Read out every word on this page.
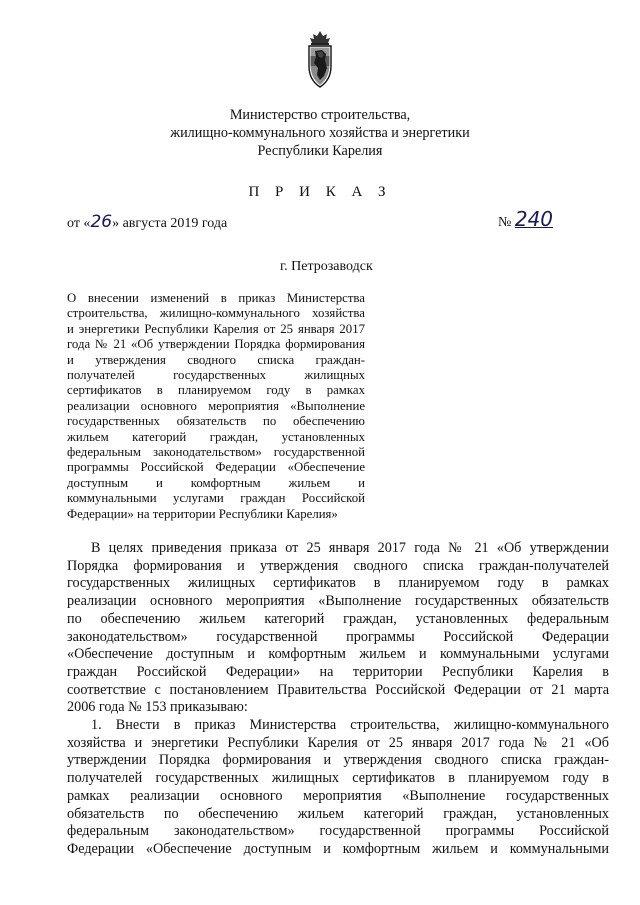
Министерство строительства,
жилищно-коммунального хозяйства и энергетики
Республики Карелия
П Р И К А З
от «26» августа 2019 года	№ 240
г. Петрозаводск
О внесении изменений в приказ Министерства
строительства, жилищно-коммунального хозяйства
и энергетики Республики Карелия от 25 января 2017
года № 21 «Об утверждении Порядка формирования
и утверждения сводного списка граждан-
получателей государственных жилищных
сертификатов в планируемом году в рамках
реализации основного мероприятия «Выполнение
государственных обязательств по обеспечению
жильем категорий граждан, установленных
федеральным законодательством» государственной
программы Российской Федерации «Обеспечение
доступным и комфортным жильем и
коммунальными услугами граждан Российской
Федерации» на территории Республики Карелия»
В целях приведения приказа от 25 января 2017 года № 21 «Об утверждении
Порядка формирования и утверждения сводного списка граждан-получателей
государственных жилищных сертификатов в планируемом году в рамках
реализации основного мероприятия «Выполнение государственных обязательств
по обеспечению жильем категорий граждан, установленных федеральным
законодательством» государственной программы Российской Федерации
«Обеспечение доступным и комфортным жильем и коммунальными услугами
граждан Российской Федерации» на территории Республики Карелия в
соответствие с постановлением Правительства Российской Федерации от 21 марта
2006 года № 153 приказываю:
1. Внести в приказ Министерства строительства, жилищно-коммунального
хозяйства и энергетики Республики Карелия от 25 января 2017 года № 21 «Об
утверждении Порядка формирования и утверждения сводного списка граждан-
получателей государственных жилищных сертификатов в планируемом году в
рамках реализации основного мероприятия «Выполнение государственных
обязательств по обеспечению жильем категорий граждан, установленных
федеральным законодательством» государственной программы Российской
Федерации «Обеспечение доступным и комфортным жильем и коммунальными
